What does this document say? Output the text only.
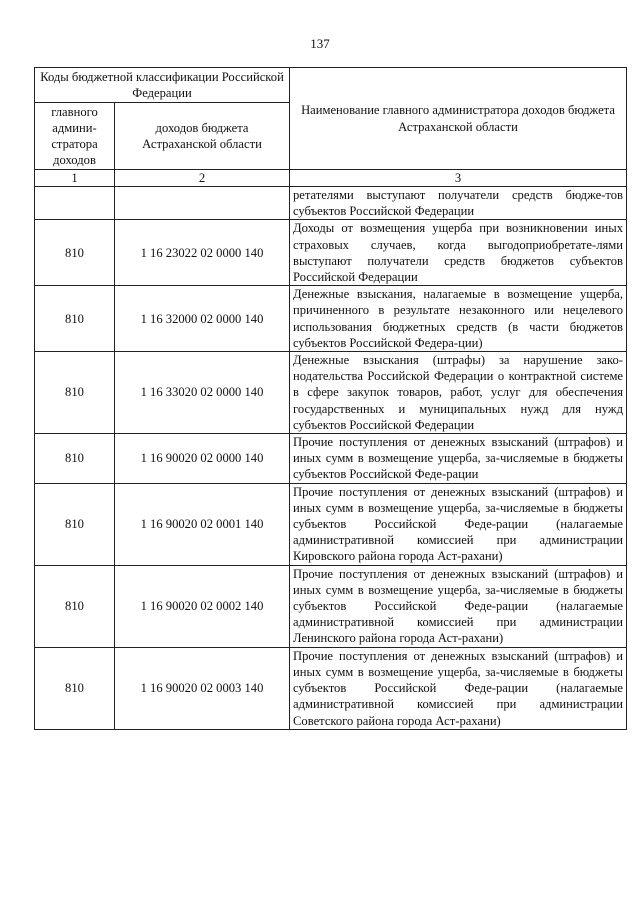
137
Коды бюджетной классификации Российской Федерации		Наименование главного администратора доходов бюджета Астраханской области
главного админи-стратора доходов	доходов бюджета Астраханской области	
1	2	3
		ретателями выступают получатели средств бюдже-тов субъектов Российской Федерации
810	1 16 23022 02 0000 140	Доходы от возмещения ущерба при возникновении иных страховых случаев, когда выгодоприобретате-лями выступают получатели средств бюджетов субъектов Российской Федерации
810	1 16 32000 02 0000 140	Денежные взыскания, налагаемые в возмещение ущерба, причиненного в результате незаконного или нецелевого использования бюджетных средств (в части бюджетов субъектов Российской Федера-ции)
810	1 16 33020 02 0000 140	Денежные взыскания (штрафы) за нарушение зако-нодательства Российской Федерации о контрактной системе в сфере закупок товаров, работ, услуг для обеспечения государственных и муниципальных нужд для нужд субъектов Российской Федерации
810	1 16 90020 02 0000 140	Прочие поступления от денежных взысканий (штрафов) и иных сумм в возмещение ущерба, за-числяемые в бюджеты субъектов Российской Феде-рации
810	1 16 90020 02 0001 140	Прочие поступления от денежных взысканий (штрафов) и иных сумм в возмещение ущерба, за-числяемые в бюджеты субъектов Российской Феде-рации (налагаемые административной комиссией при администрации Кировского района города Аст-рахани)
810	1 16 90020 02 0002 140	Прочие поступления от денежных взысканий (штрафов) и иных сумм в возмещение ущерба, за-числяемые в бюджеты субъектов Российской Феде-рации (налагаемые административной комиссией при администрации Ленинского района города Аст-рахани)
810	1 16 90020 02 0003 140	Прочие поступления от денежных взысканий (штрафов) и иных сумм в возмещение ущерба, за-числяемые в бюджеты субъектов Российской Феде-рации (налагаемые административной комиссией при администрации Советского района города Аст-рахани)
